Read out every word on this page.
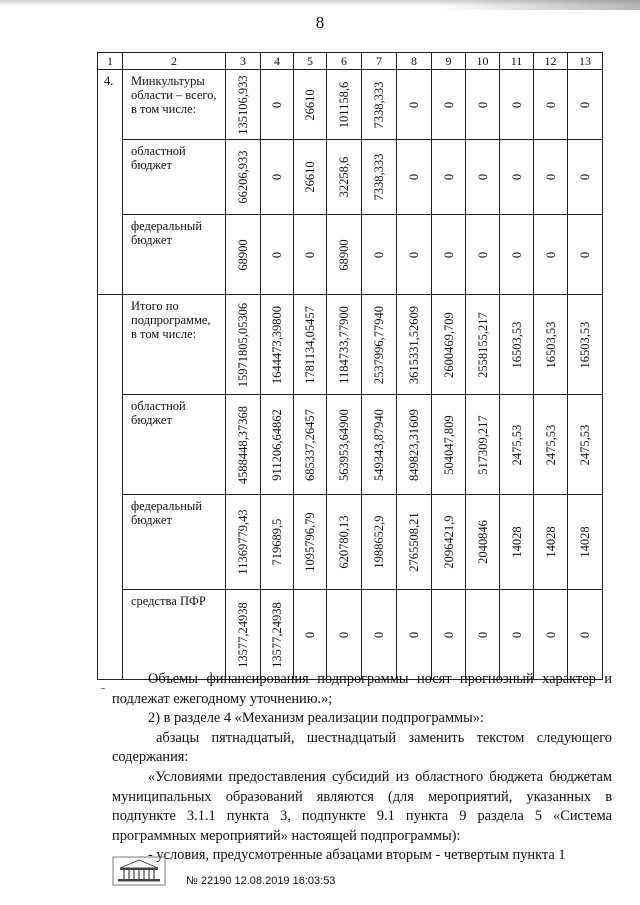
8
1	2	3	4	5	6	7	8	9	10	11	12	13

4.	Минкультуры
области – всего,
в том числе:	135106,933	0	26610	101158,6	7338,333	0	0	0	0	0	0

	областной
бюджет	66206,933	0	26610	32258,6	7338,333	0	0	0	0	0	0

	федеральный
бюджет	68900	0	0	68900	0	0	0	0	0	0	0

	Итого по
подпрограмме,
в том числе:	15971805,05306	1644473,39800	1781134,05457	1184733,77900	2537996,77940	3615331,52609	2600469,709	2558155,217	16503,53	16503,53	16503,53

	областной
бюджет	4588448,37368	911206,64862	685337,26457	563953,64900	549343,87940	849823,31609	504047,809	517309,217	2475,53	2475,53	2475,53

	федеральный
бюджет	11369779,43	719689,5	1095796,79	620780,13	1988652,9	2765508,21	2096421,9	2040846	14028	14028	14028

	средства ПФР	13577,24938	13577,24938	0	0	0	0	0	0	0	0	0
ˉ

Объемы финансирования подпрограммы носят прогнозный характер и подлежат ежегодному уточнению.»;

2) в разделе 4 «Механизм реализации подпрограммы»:

абзацы пятнадцатый, шестнадцатый заменить текстом следующего содержания:

«Условиями предоставления субсидий из областного бюджета бюджетам муниципальных образований являются (для мероприятий, указанных в подпункте 3.1.1 пункта 3, подпункте 9.1 пункта 9 раздела 5 «Система программных мероприятий» настоящей подпрограммы):

- условия, предусмотренные абзацами вторым - четвертым пункта 1

№ 22190 12.08.2019 16:03:53
